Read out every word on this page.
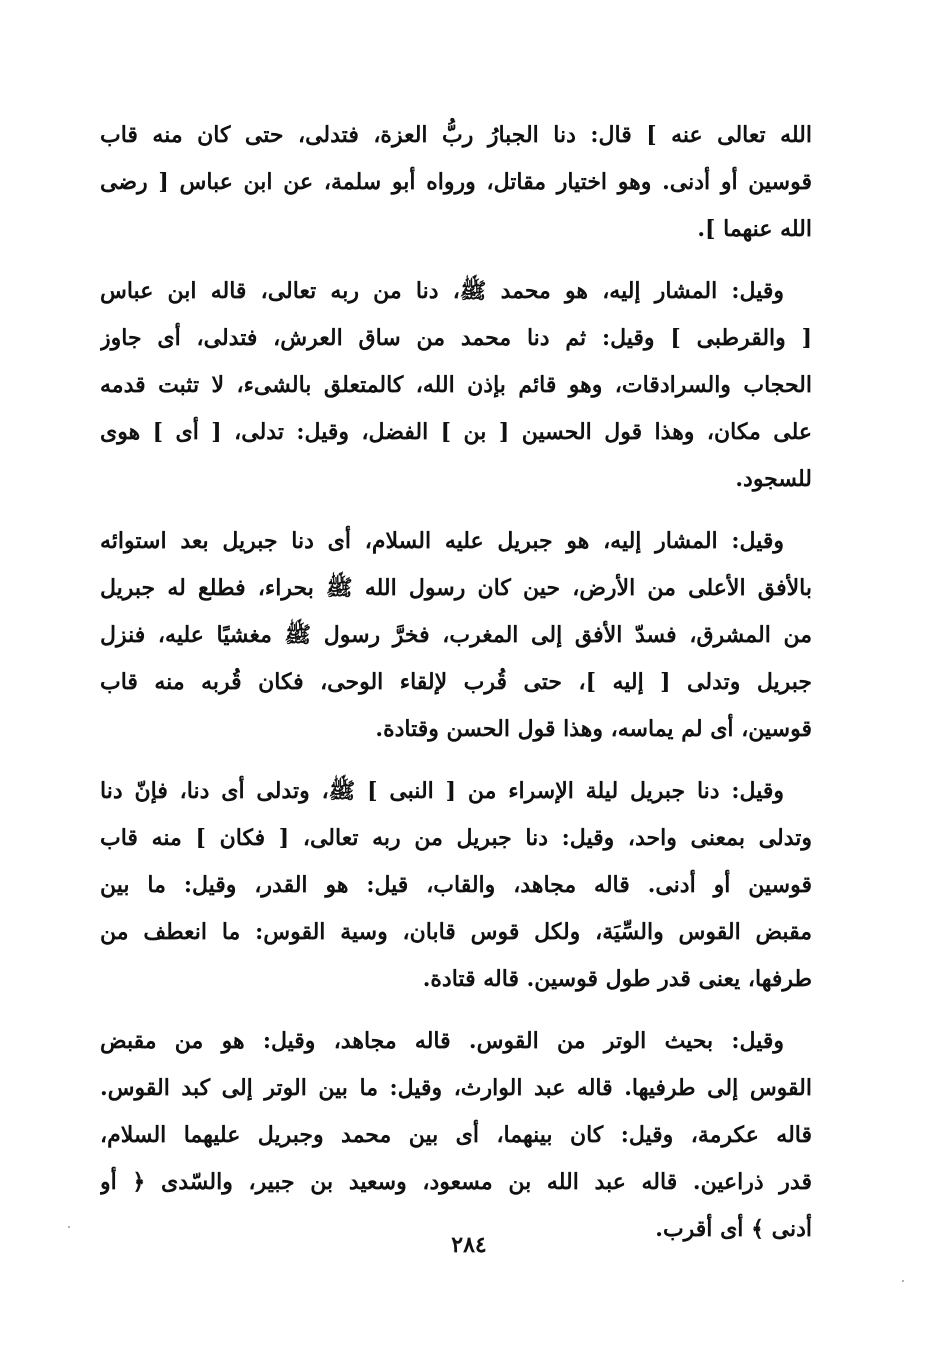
الله تعالى عنه ] قال: دنا الجبارُ ربُّ العزة، فتدلى، حتى كان منه قاب
قوسين أو أدنى. وهو اختيار مقاتل، ورواه أبو سلمة، عن ابن عباس [ رضى
الله عنهما ].
وقيل: المشار إليه، هو محمد ﷺ، دنا من ربه تعالى، قاله ابن عباس
[ والقرطبى ] وقيل: ثم دنا محمد من ساق العرش، فتدلى، أى جاوز
الحجاب والسرادقات، وهو قائم بإذن الله، كالمتعلق بالشىء، لا تثبت قدمه
على مكان، وهذا قول الحسين [ بن ] الفضل، وقيل: تدلى، [ أى ] هوى
للسجود.
وقيل: المشار إليه، هو جبريل عليه السلام، أى دنا جبريل بعد استوائه
بالأفق الأعلى من الأرض، حين كان رسول الله ﷺ بحراء، فطلع له جبريل
من المشرق، فسدّ الأفق إلى المغرب، فخرَّ رسول ﷺ مغشيًا عليه، فنزل
جبريل وتدلى [ إليه ]، حتى قُرب لإلقاء الوحى، فكان قُربه منه قاب
قوسين، أى لم يماسه، وهذا قول الحسن وقتادة.
وقيل: دنا جبريل ليلة الإسراء من [ النبى ] ﷺ، وتدلى أى دنا، فإنّ دنا
وتدلى بمعنى واحد، وقيل: دنا جبريل من ربه تعالى، [ فكان ] منه قاب
قوسين أو أدنى. قاله مجاهد، والقاب، قيل: هو القدر، وقيل: ما بين
مقبض القوس والسِّيَة، ولكل قوس قابان، وسية القوس: ما انعطف من
طرفها، يعنى قدر طول قوسين. قاله قتادة.
وقيل: بحيث الوتر من القوس. قاله مجاهد، وقيل: هو من مقبض
القوس إلى طرفيها. قاله عبد الوارث، وقيل: ما بين الوتر إلى كبد القوس.
قاله عكرمة، وقيل: كان بينهما، أى بين محمد وجبريل عليهما السلام،
قدر ذراعين. قاله عبد الله بن مسعود، وسعيد بن جبير، والسّدى ﴿ أو
أدنى ﴾ أى أقرب.
٢٨٤
